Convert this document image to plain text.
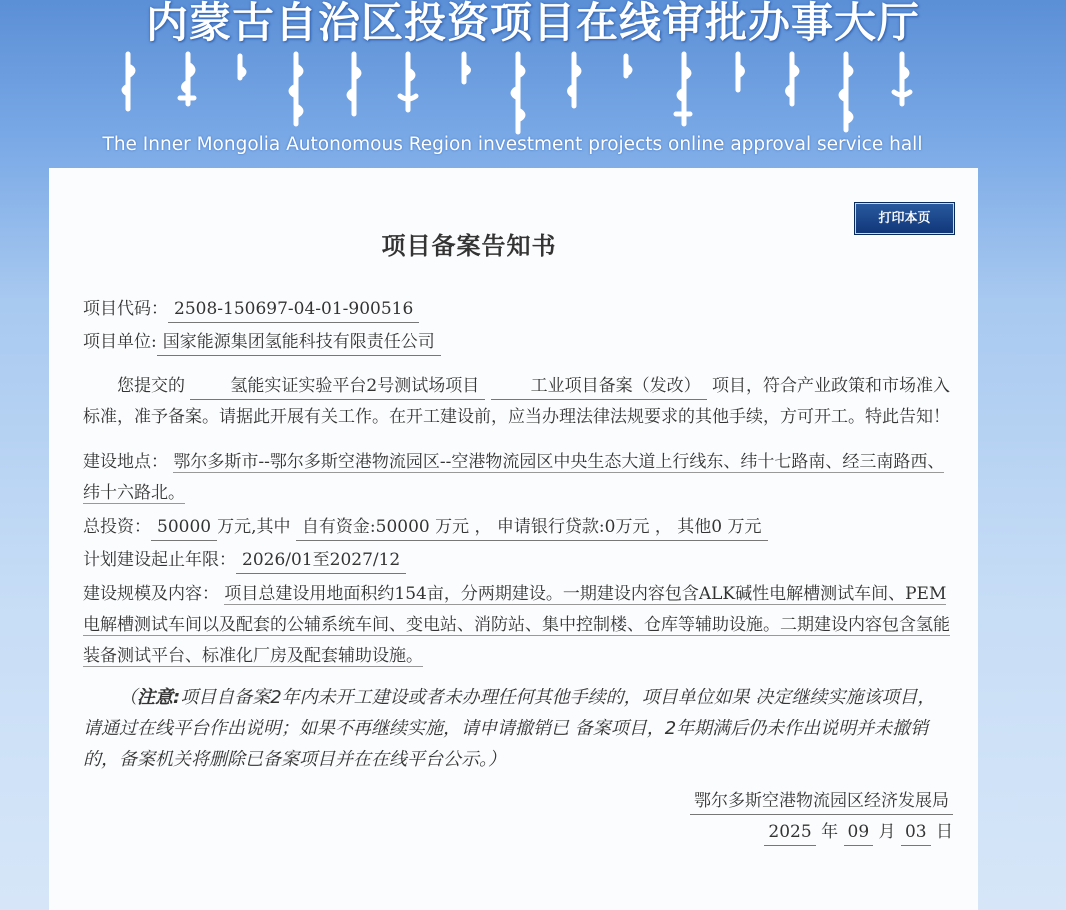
内蒙古自治区投资项目在线审批办事大厅
The Inner Mongolia Autonomous Region investment projects online approval service hall
打印本页
项目备案告知书
项目代码： 2508-150697-04-01-900516
项目单位: 国家能源集团氢能科技有限责任公司
您提交的	氢能实证实验平台2号测试场项目	工业项目备案（发改） 项目，符合产业政策和市场准入标准，准予备案。请据此开展有关工作。在开工建设前，应当办理法律法规要求的其他手续，方可开工。特此告知！
建设地点： 鄂尔多斯市--鄂尔多斯空港物流园区--空港物流园区中央生态大道上行线东、纬十七路南、经三南路西、纬十六路北。
总投资： 50000 万元,其中 自有资金:50000 万元 ， 申请银行贷款:0万元 ， 其他0 万元
计划建设起止年限： 2026/01至2027/12
建设规模及内容： 项目总建设用地面积约154亩，分两期建设。一期建设内容包含ALK碱性电解槽测试车间、PEM电解槽测试车间以及配套的公辅系统车间、变电站、消防站、集中控制楼、仓库等辅助设施。二期建设内容包含氢能装备测试平台、标准化厂房及配套辅助设施。
（注意:项目自备案2年内未开工建设或者未办理任何其他手续的，项目单位如果 决定继续实施该项目，请通过在线平台作出说明；如果不再继续实施，请申请撤销已 备案项目，2年期满后仍未作出说明并未撤销的，备案机关将删除已备案项目并在在线平台公示。）
鄂尔多斯空港物流园区经济发展局
2025 年 09 月 03 日
